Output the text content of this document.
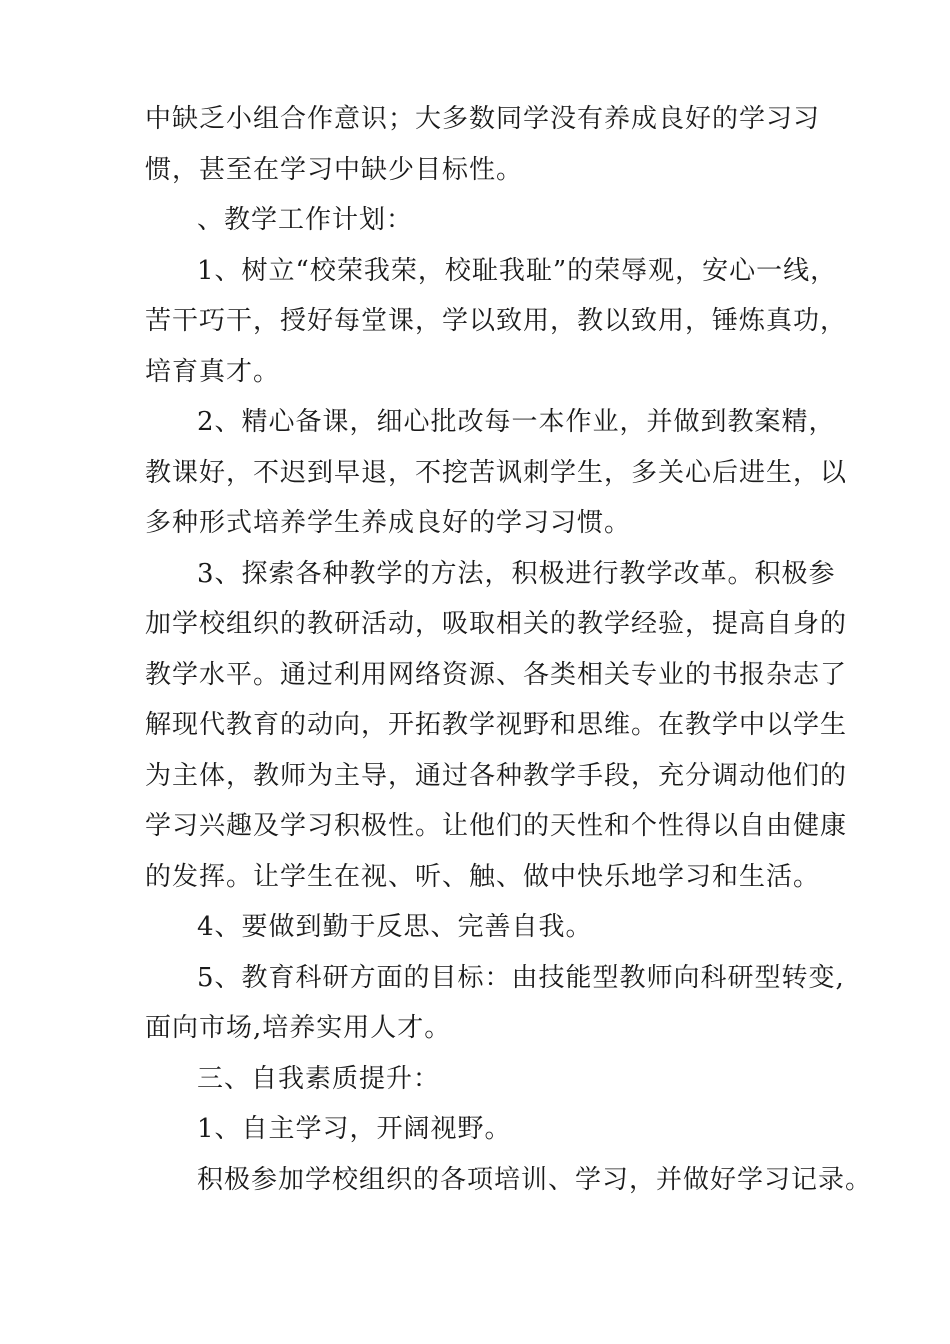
中缺乏小组合作意识；大多数同学没有养成良好的学习习
惯，甚至在学习中缺少目标性。
、教学工作计划：
1、树立“校荣我荣，校耻我耻”的荣辱观，安心一线，
苦干巧干，授好每堂课，学以致用，教以致用，锤炼真功，
培育真才。
2、精心备课，细心批改每一本作业，并做到教案精，
教课好，不迟到早退，不挖苦讽刺学生，多关心后进生，以
多种形式培养学生养成良好的学习习惯。
3、探索各种教学的方法，积极进行教学改革。积极参
加学校组织的教研活动，吸取相关的教学经验，提高自身的
教学水平。通过利用网络资源、各类相关专业的书报杂志了
解现代教育的动向，开拓教学视野和思维。在教学中以学生
为主体，教师为主导，通过各种教学手段，充分调动他们的
学习兴趣及学习积极性。让他们的天性和个性得以自由健康
的发挥。让学生在视、听、触、做中快乐地学习和生活。
4、要做到勤于反思、完善自我。
5、教育科研方面的目标：由技能型教师向科研型转变,
面向市场,培养实用人才。
三、自我素质提升：
1、自主学习，开阔视野。
积极参加学校组织的各项培训、学习，并做好学习记录。
